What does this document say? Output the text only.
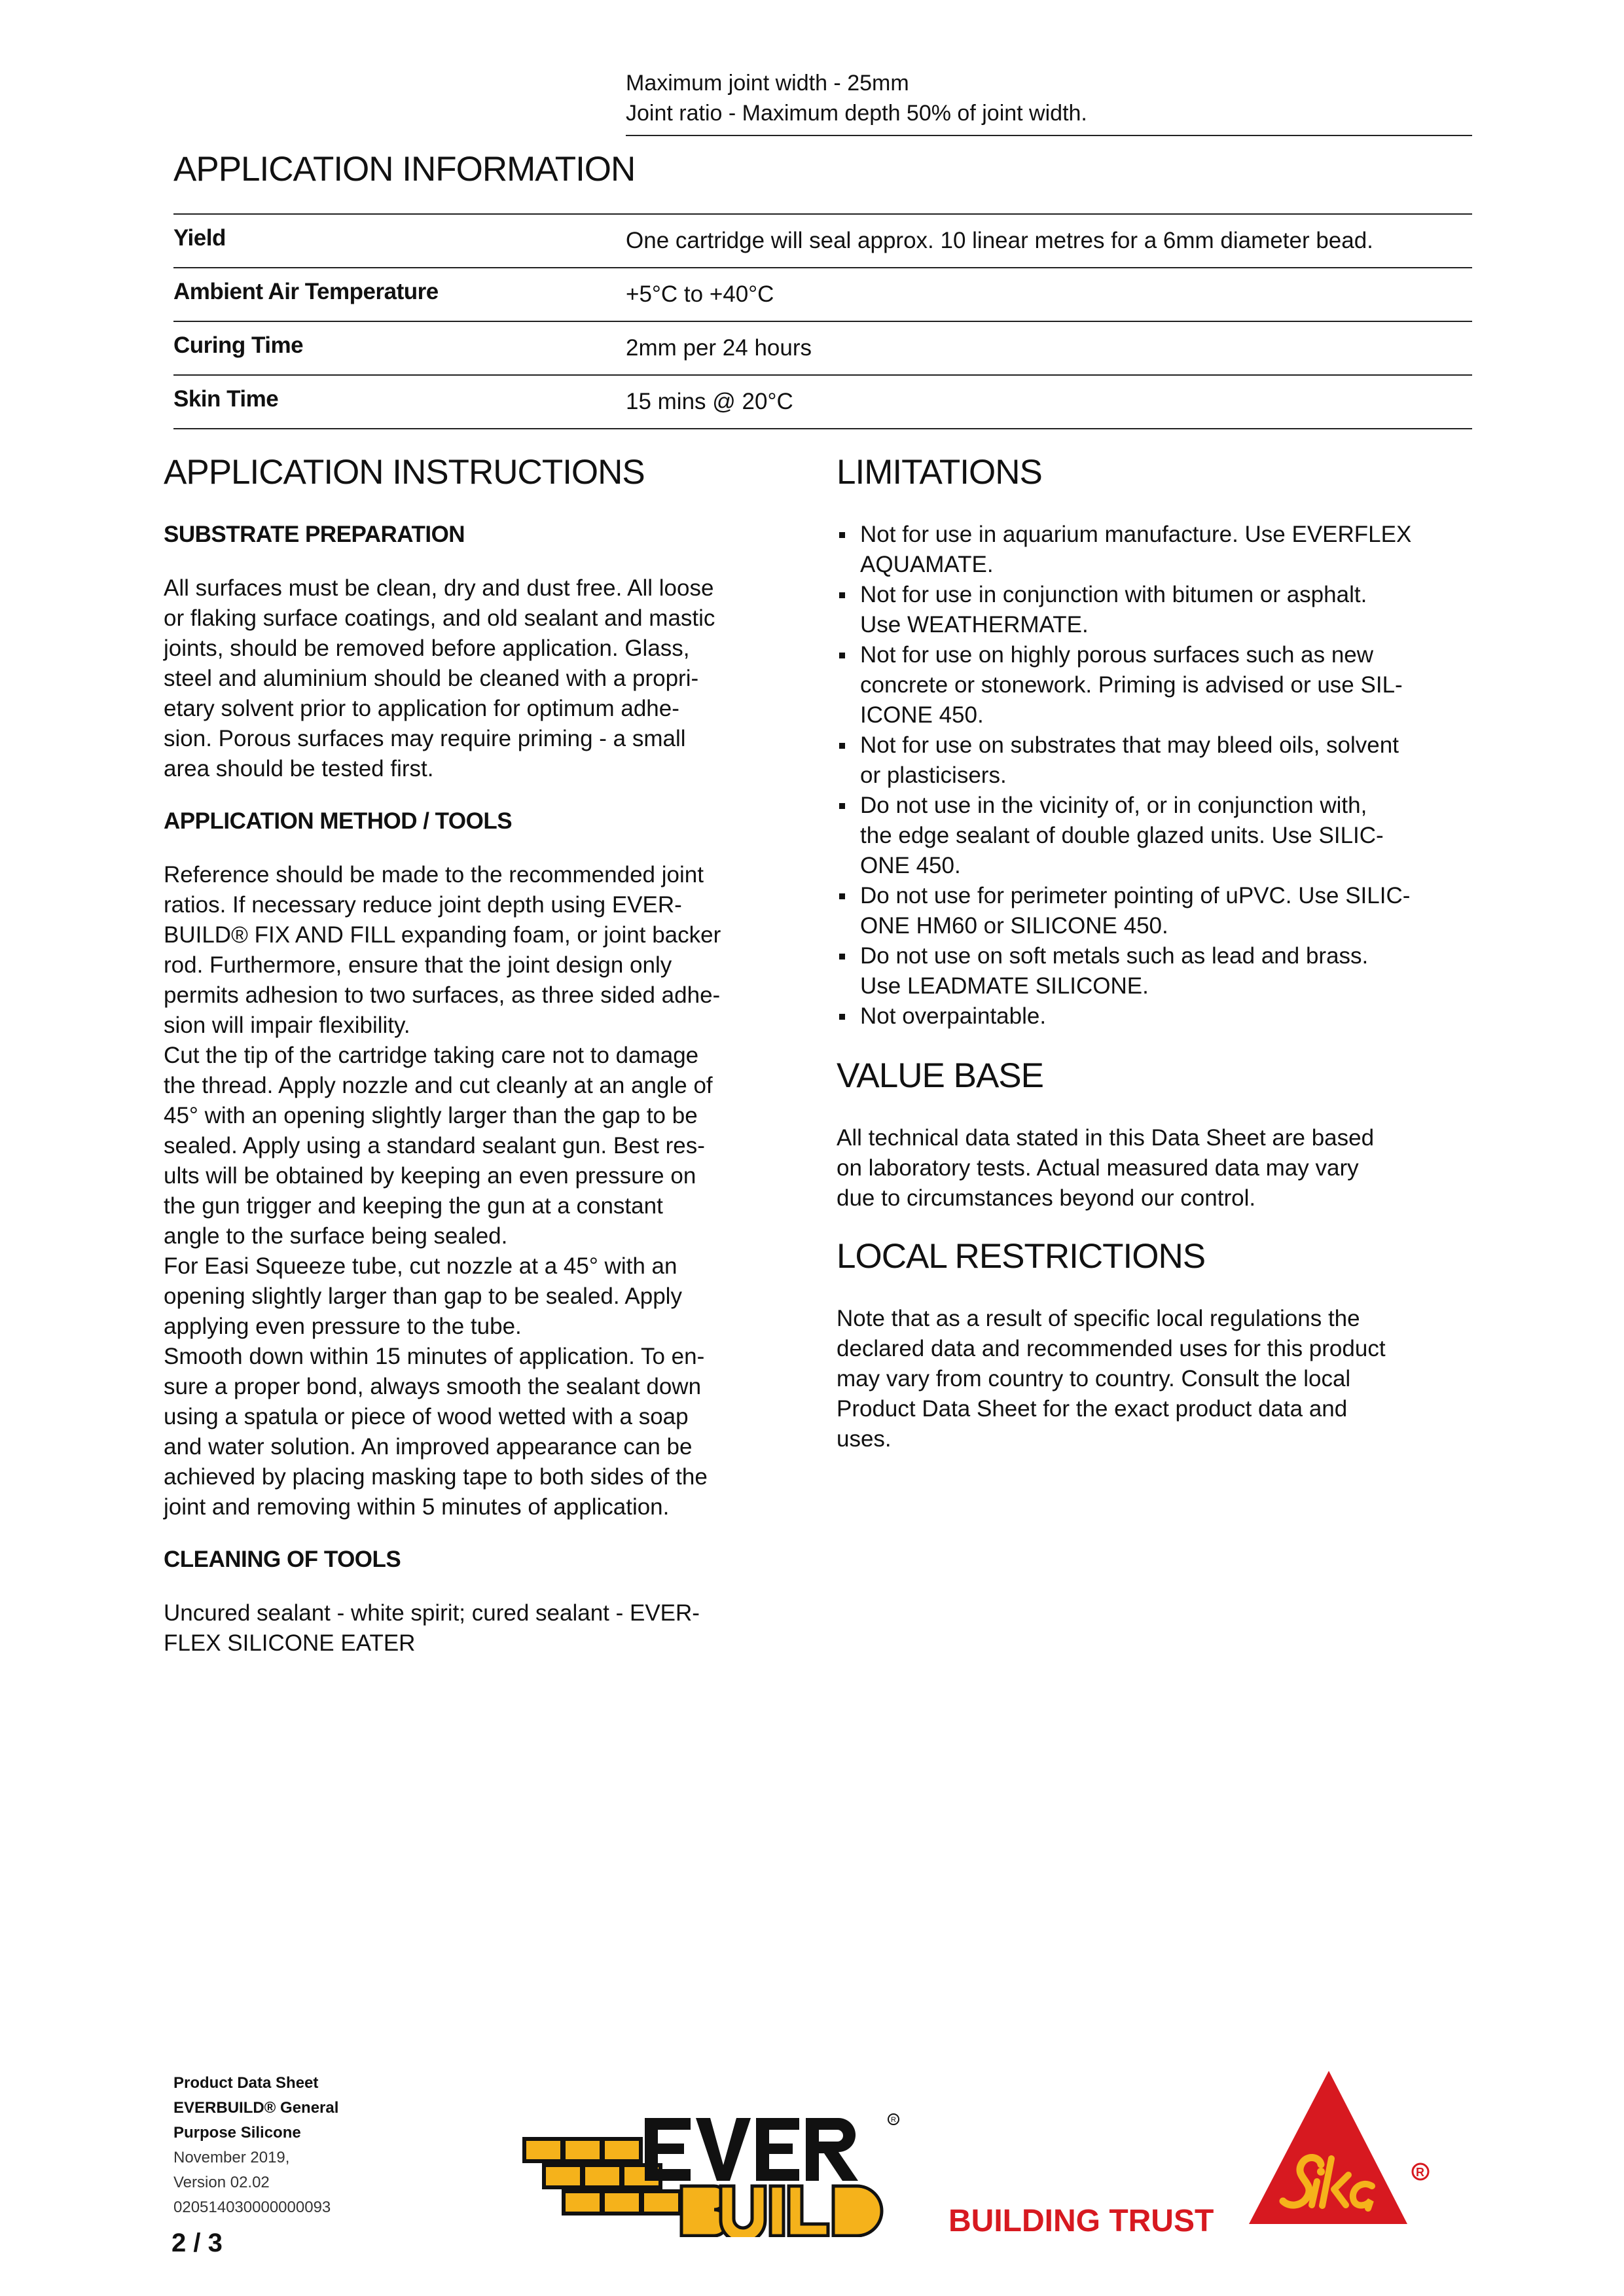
Maximum joint width - 25mm
Joint ratio - Maximum depth 50% of joint width.
APPLICATION INFORMATION
Yield	One cartridge will seal approx. 10 linear metres for a 6mm diameter bead.
Ambient Air Temperature	+5°C to +40°C
Curing Time	2mm per 24 hours
Skin Time	15 mins @ 20°C
APPLICATION INSTRUCTIONS
SUBSTRATE PREPARATION
All surfaces must be clean, dry and dust free. All loose
or flaking surface coatings, and old sealant and mastic
joints, should be removed before application. Glass,
steel and aluminium should be cleaned with a propri-
etary solvent prior to application for optimum adhe-
sion. Porous surfaces may require priming - a small
area should be tested first.
APPLICATION METHOD / TOOLS
Reference should be made to the recommended joint
ratios. If necessary reduce joint depth using EVER-
BUILD® FIX AND FILL expanding foam, or joint backer
rod. Furthermore, ensure that the joint design only
permits adhesion to two surfaces, as three sided adhe-
sion will impair flexibility.
Cut the tip of the cartridge taking care not to damage
the thread. Apply nozzle and cut cleanly at an angle of
45° with an opening slightly larger than the gap to be
sealed. Apply using a standard sealant gun. Best res-
ults will be obtained by keeping an even pressure on
the gun trigger and keeping the gun at a constant
angle to the surface being sealed.
For Easi Squeeze tube, cut nozzle at a 45° with an
opening slightly larger than gap to be sealed. Apply
applying even pressure to the tube.
Smooth down within 15 minutes of application. To en-
sure a proper bond, always smooth the sealant down
using a spatula or piece of wood wetted with a soap
and water solution. An improved appearance can be
achieved by placing masking tape to both sides of the
joint and removing within 5 minutes of application.
CLEANING OF TOOLS
Uncured sealant - white spirit; cured sealant - EVER-
FLEX SILICONE EATER
LIMITATIONS
Not for use in aquarium manufacture. Use EVERFLEX
AQUAMATE.
Not for use in conjunction with bitumen or asphalt.
Use WEATHERMATE.
Not for use on highly porous surfaces such as new
concrete or stonework. Priming is advised or use SIL-
ICONE 450.
Not for use on substrates that may bleed oils, solvent
or plasticisers.
Do not use in the vicinity of, or in conjunction with,
the edge sealant of double glazed units. Use SILIC-
ONE 450.
Do not use for perimeter pointing of uPVC. Use SILIC-
ONE HM60 or SILICONE 450.
Do not use on soft metals such as lead and brass.
Use LEADMATE SILICONE.
Not overpaintable.
VALUE BASE
All technical data stated in this Data Sheet are based
on laboratory tests. Actual measured data may vary
due to circumstances beyond our control.
LOCAL RESTRICTIONS
Note that as a result of specific local regulations the
declared data and recommended uses for this product
may vary from country to country. Consult the local
Product Data Sheet for the exact product data and
uses.
Product Data Sheet
EVERBUILD® General
Purpose Silicone
November 2019,
Version 02.02
020514030000000093
2 / 3
R
BUILDING TRUST
R
